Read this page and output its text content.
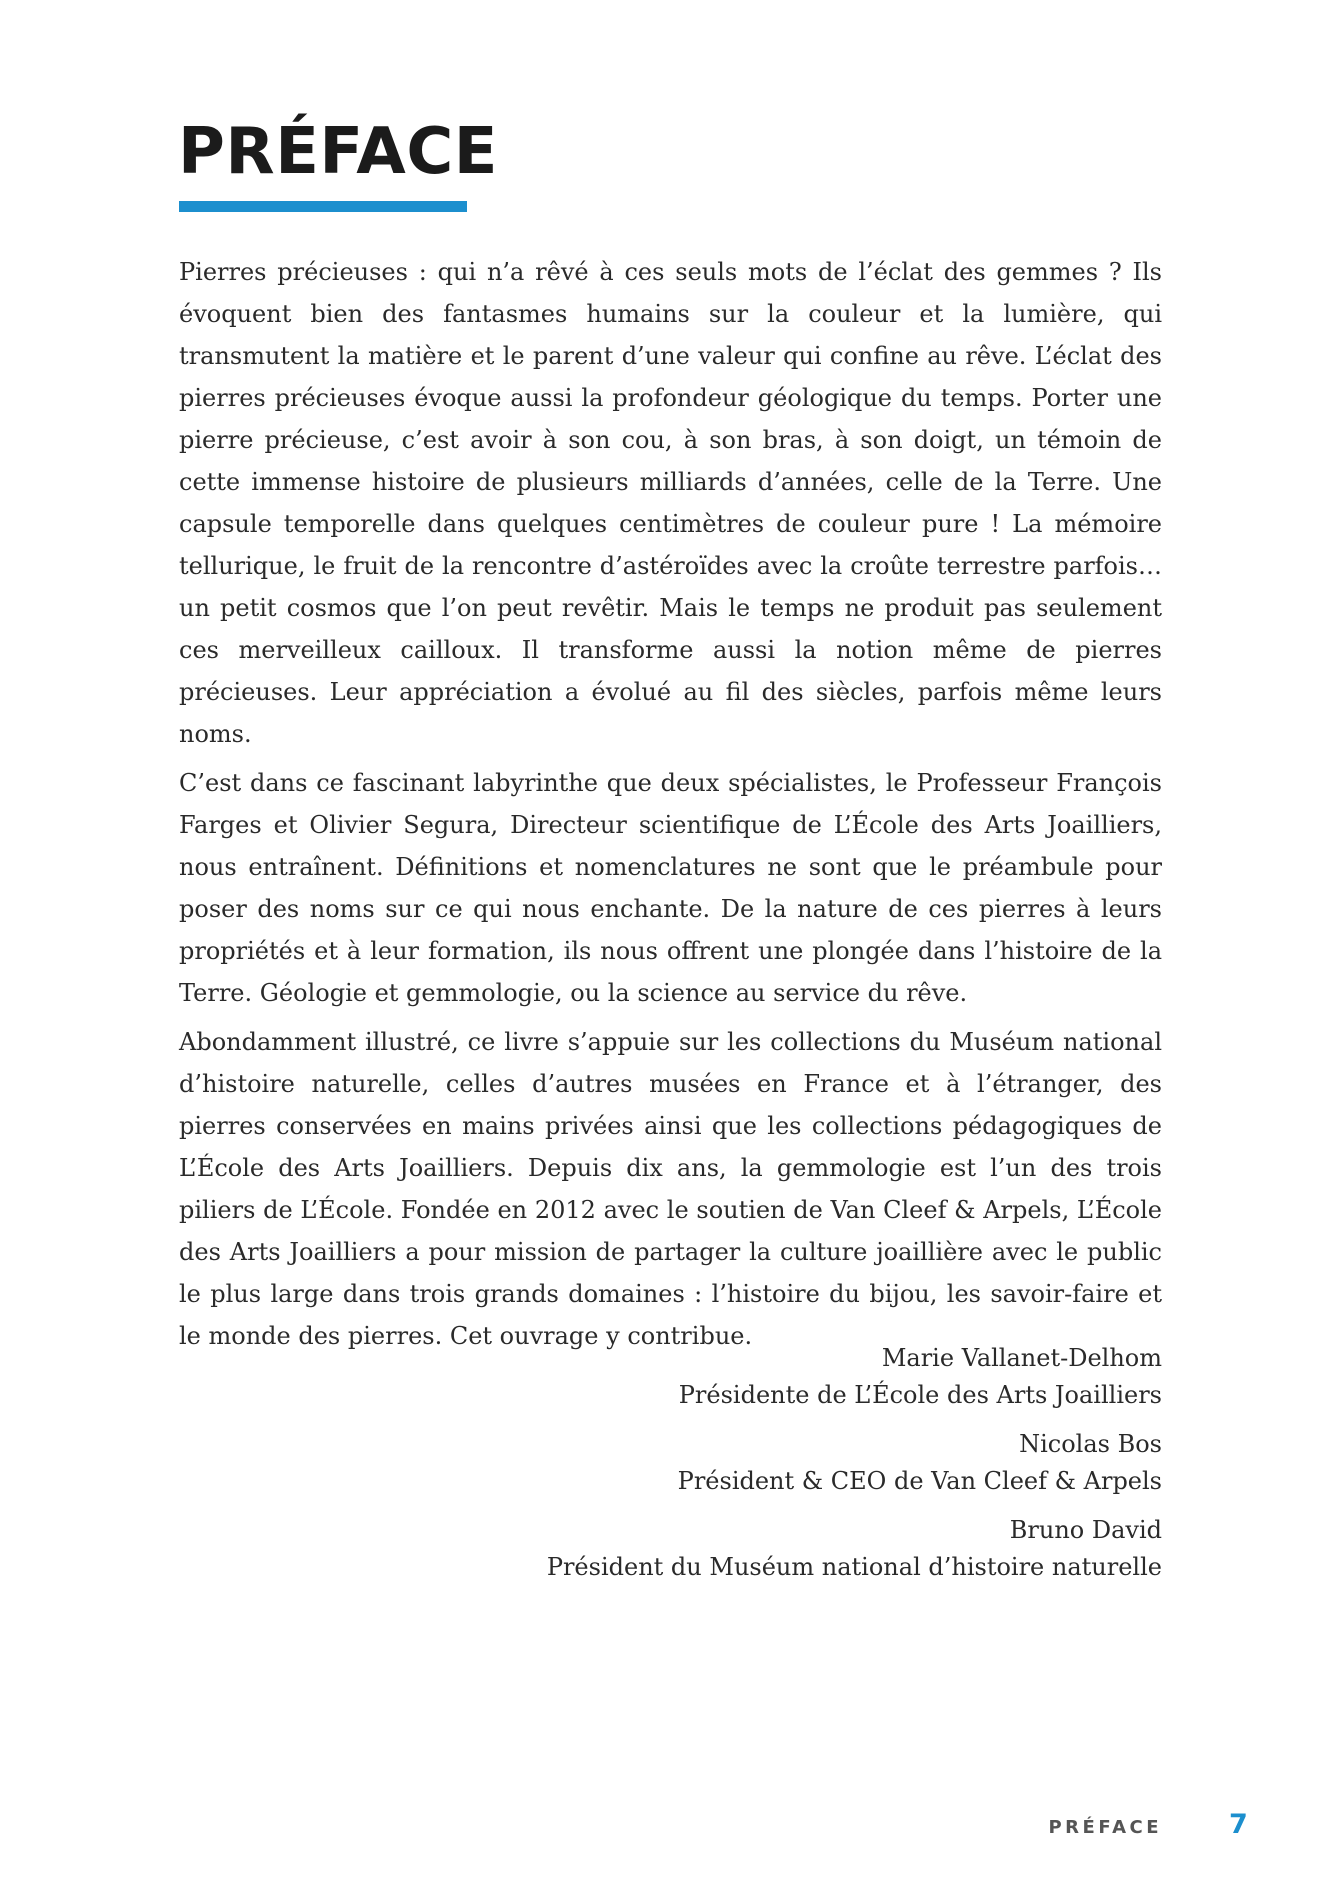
PRÉFACE

Pierres précieuses : qui n’a rêvé à ces seuls mots de l’éclat des gemmes ? Ils évoquent bien des fantasmes humains sur la couleur et la lumière, qui transmutent la matière et le parent d’une valeur qui confine au rêve. L’éclat des pierres précieuses évoque aussi la profondeur géologique du temps. Porter une pierre précieuse, c’est avoir à son cou, à son bras, à son doigt, un témoin de cette immense histoire de plusieurs milliards d’années, celle de la Terre. Une capsule temporelle dans quelques centimètres de couleur pure ! La mémoire tellurique, le fruit de la rencontre d’astéroïdes avec la croûte terrestre parfois… un petit cosmos que l’on peut revêtir. Mais le temps ne produit pas seulement ces merveilleux cailloux. Il transforme aussi la notion même de pierres précieuses. Leur appréciation a évolué au fil des siècles, parfois même leurs noms.

C’est dans ce fascinant labyrinthe que deux spécialistes, le Professeur François Farges et Olivier Segura, Directeur scientifique de L’École des Arts Joailliers, nous entraînent. Définitions et nomenclatures ne sont que le préambule pour poser des noms sur ce qui nous enchante. De la nature de ces pierres à leurs propriétés et à leur formation, ils nous offrent une plongée dans l’histoire de la Terre. Géologie et gemmologie, ou la science au service du rêve.

Abondamment illustré, ce livre s’appuie sur les collections du Muséum national d’histoire naturelle, celles d’autres musées en France et à l’étranger, des pierres conservées en mains privées ainsi que les collections pédagogiques de L’École des Arts Joailliers. Depuis dix ans, la gemmologie est l’un des trois piliers de L’École. Fondée en 2012 avec le soutien de Van Cleef & Arpels, L’École des Arts Joailliers a pour mission de partager la culture joaillière avec le public le plus large dans trois grands domaines : l’histoire du bijou, les savoir-faire et le monde des pierres. Cet ouvrage y contribue.

Marie Vallanet-Delhom
Présidente de L’École des Arts Joailliers
Nicolas Bos
Président & CEO de Van Cleef & Arpels
Bruno David
Président du Muséum national d’histoire naturelle
PRÉFACE 7
